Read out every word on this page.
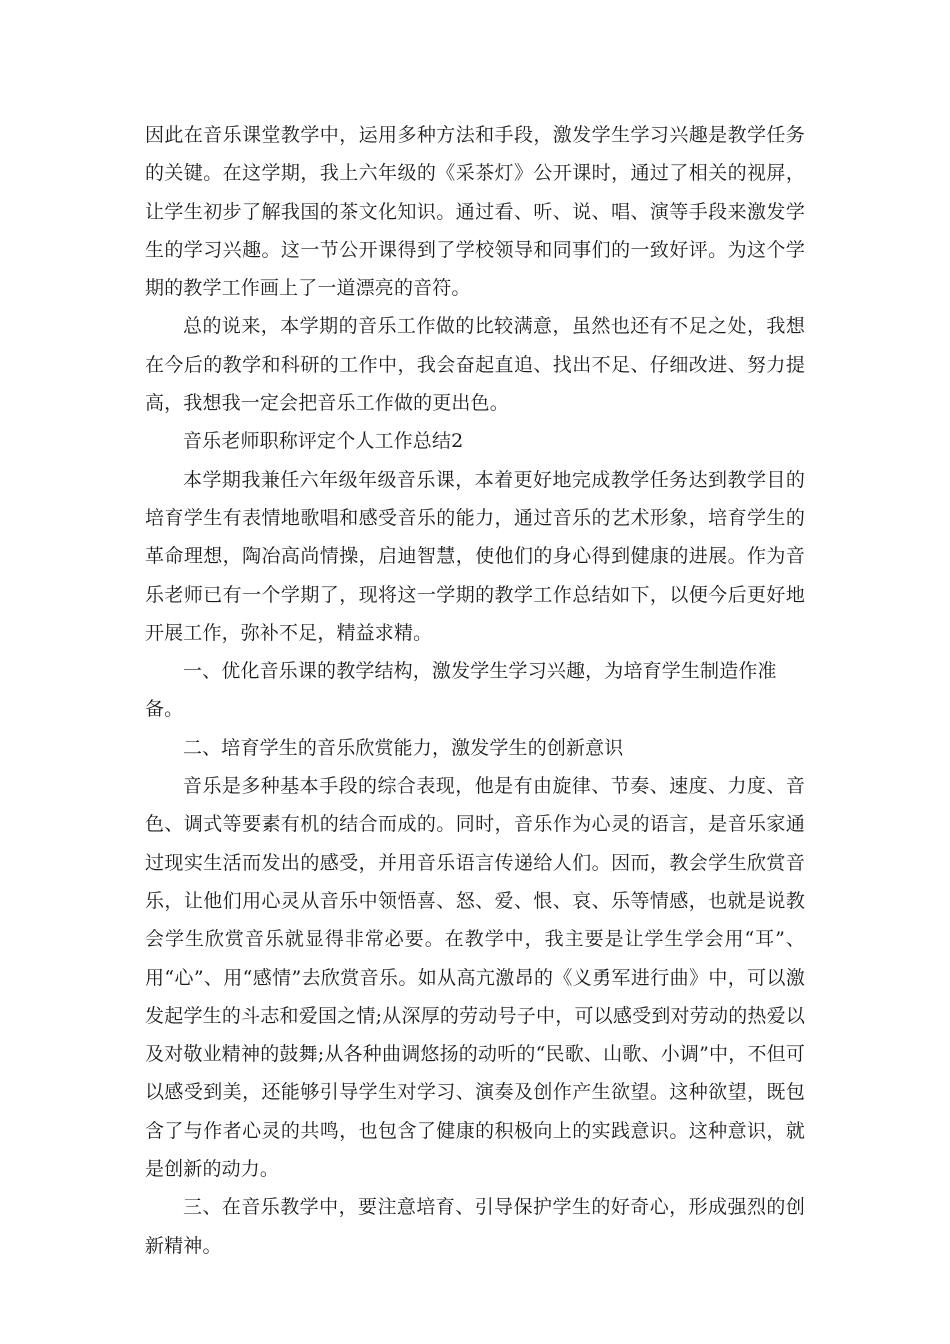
因此在音乐课堂教学中，运用多种方法和手段，激发学生学习兴趣是教学任务的关键。在这学期，我上六年级的《采茶灯》公开课时，通过了相关的视屏，让学生初步了解我国的茶文化知识。通过看、听、说、唱、演等手段来激发学生的学习兴趣。这一节公开课得到了学校领导和同事们的一致好评。为这个学期的教学工作画上了一道漂亮的音符。

总的说来，本学期的音乐工作做的比较满意，虽然也还有不足之处，我想在今后的教学和科研的工作中，我会奋起直追、找出不足、仔细改进、努力提高，我想我一定会把音乐工作做的更出色。

音乐老师职称评定个人工作总结2

本学期我兼任六年级年级音乐课，本着更好地完成教学任务达到教学目的培育学生有表情地歌唱和感受音乐的能力，通过音乐的艺术形象，培育学生的革命理想，陶冶高尚情操，启迪智慧，使他们的身心得到健康的进展。作为音乐老师已有一个学期了，现将这一学期的教学工作总结如下，以便今后更好地开展工作，弥补不足，精益求精。

一、优化音乐课的教学结构，激发学生学习兴趣，为培育学生制造作准备。

二、培育学生的音乐欣赏能力，激发学生的创新意识

音乐是多种基本手段的综合表现，他是有由旋律、节奏、速度、力度、音色、调式等要素有机的结合而成的。同时，音乐作为心灵的语言，是音乐家通过现实生活而发出的感受，并用音乐语言传递给人们。因而，教会学生欣赏音乐，让他们用心灵从音乐中领悟喜、怒、爱、恨、哀、乐等情感，也就是说教会学生欣赏音乐就显得非常必要。在教学中，我主要是让学生学会用“耳”、用“心”、用“感情”去欣赏音乐。如从高亢激昂的《义勇军进行曲》中，可以激发起学生的斗志和爱国之情;从深厚的劳动号子中，可以感受到对劳动的热爱以及对敬业精神的鼓舞;从各种曲调悠扬的动听的“民歌、山歌、小调”中，不但可以感受到美，还能够引导学生对学习、演奏及创作产生欲望。这种欲望，既包含了与作者心灵的共鸣，也包含了健康的积极向上的实践意识。这种意识，就是创新的动力。

三、在音乐教学中，要注意培育、引导保护学生的好奇心，形成强烈的创新精神。
